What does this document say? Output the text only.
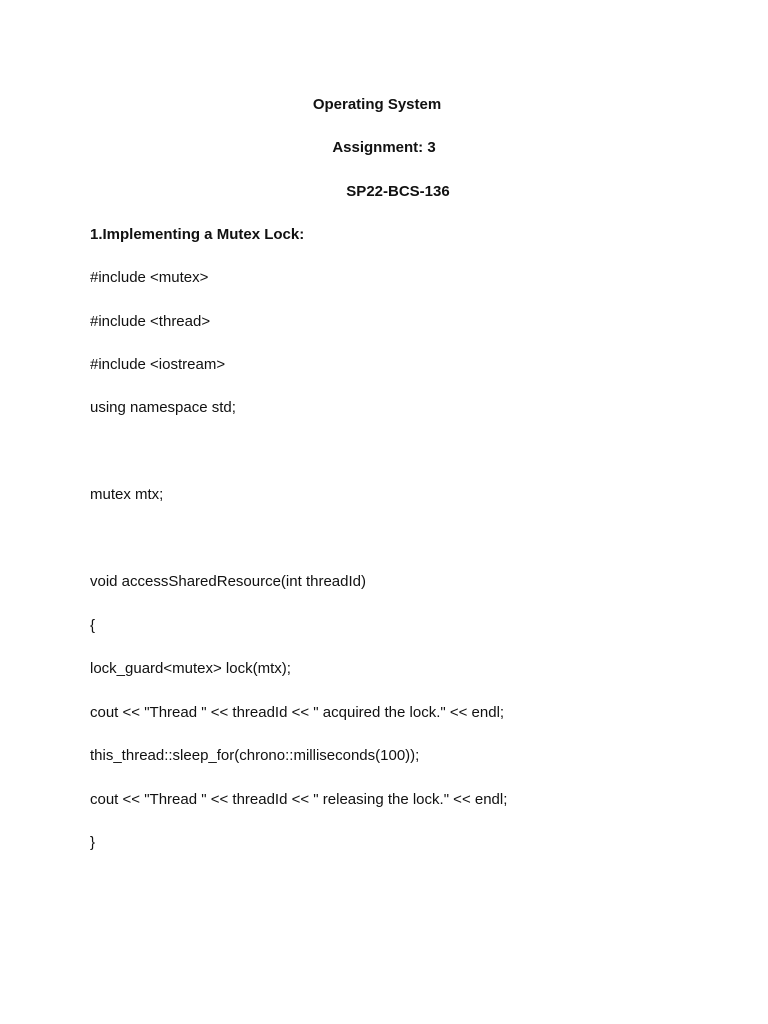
Operating System
Assignment: 3
SP22-BCS-136
1.Implementing a Mutex Lock:
#include <mutex>
#include <thread>
#include <iostream>
using namespace std;
mutex mtx;
void accessSharedResource(int threadId)
{
lock_guard<mutex> lock(mtx);
cout << "Thread " << threadId << " acquired the lock." << endl;
this_thread::sleep_for(chrono::milliseconds(100));
cout << "Thread " << threadId << " releasing the lock." << endl;
}
